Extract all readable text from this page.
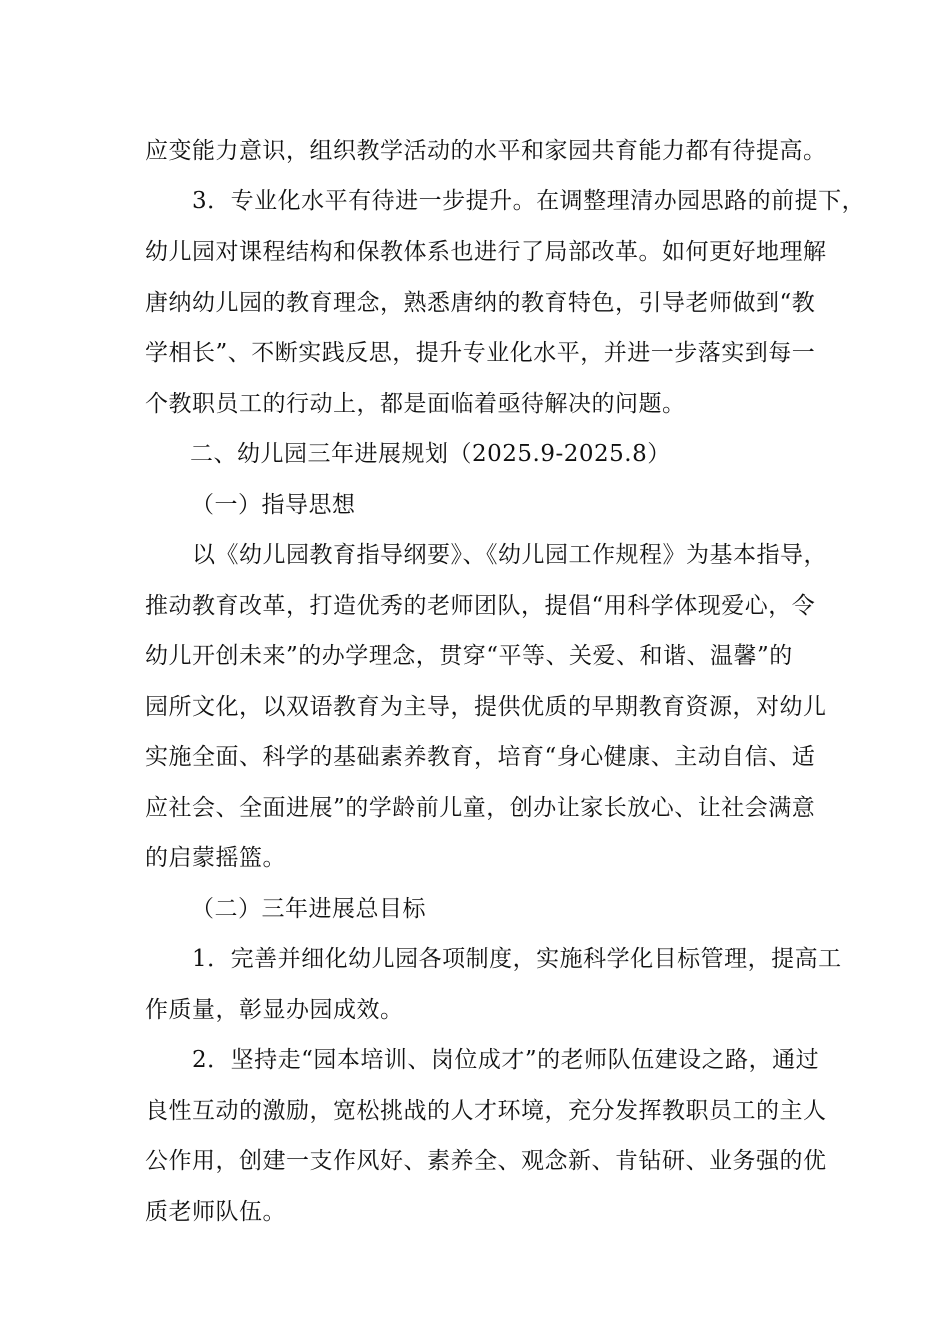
应变能力意识，组织教学活动的水平和家园共育能力都有待提高。
3．专业化水平有待进一步提升。在调整理清办园思路的前提下，
幼儿园对课程结构和保教体系也进行了局部改革。如何更好地理解
唐纳幼儿园的教育理念，熟悉唐纳的教育特色，引导老师做到“教
学相长”、不断实践反思，提升专业化水平，并进一步落实到每一
个教职员工的行动上，都是面临着亟待解决的问题。
二、幼儿园三年进展规划（2025.9-2025.8）
（一）指导思想
以《幼儿园教育指导纲要》、《幼儿园工作规程》为基本指导，
推动教育改革，打造优秀的老师团队，提倡“用科学体现爱心，令
幼儿开创未来”的办学理念，贯穿“平等、关爱、和谐、温馨”的
园所文化，以双语教育为主导，提供优质的早期教育资源，对幼儿
实施全面、科学的基础素养教育，培育“身心健康、主动自信、适
应社会、全面进展”的学龄前儿童，创办让家长放心、让社会满意
的启蒙摇篮。
（二）三年进展总目标
1．完善并细化幼儿园各项制度，实施科学化目标管理，提高工
作质量，彰显办园成效。
2．坚持走“园本培训、岗位成才”的老师队伍建设之路，通过
良性互动的激励，宽松挑战的人才环境，充分发挥教职员工的主人
公作用，创建一支作风好、素养全、观念新、肯钻研、业务强的优
质老师队伍。
